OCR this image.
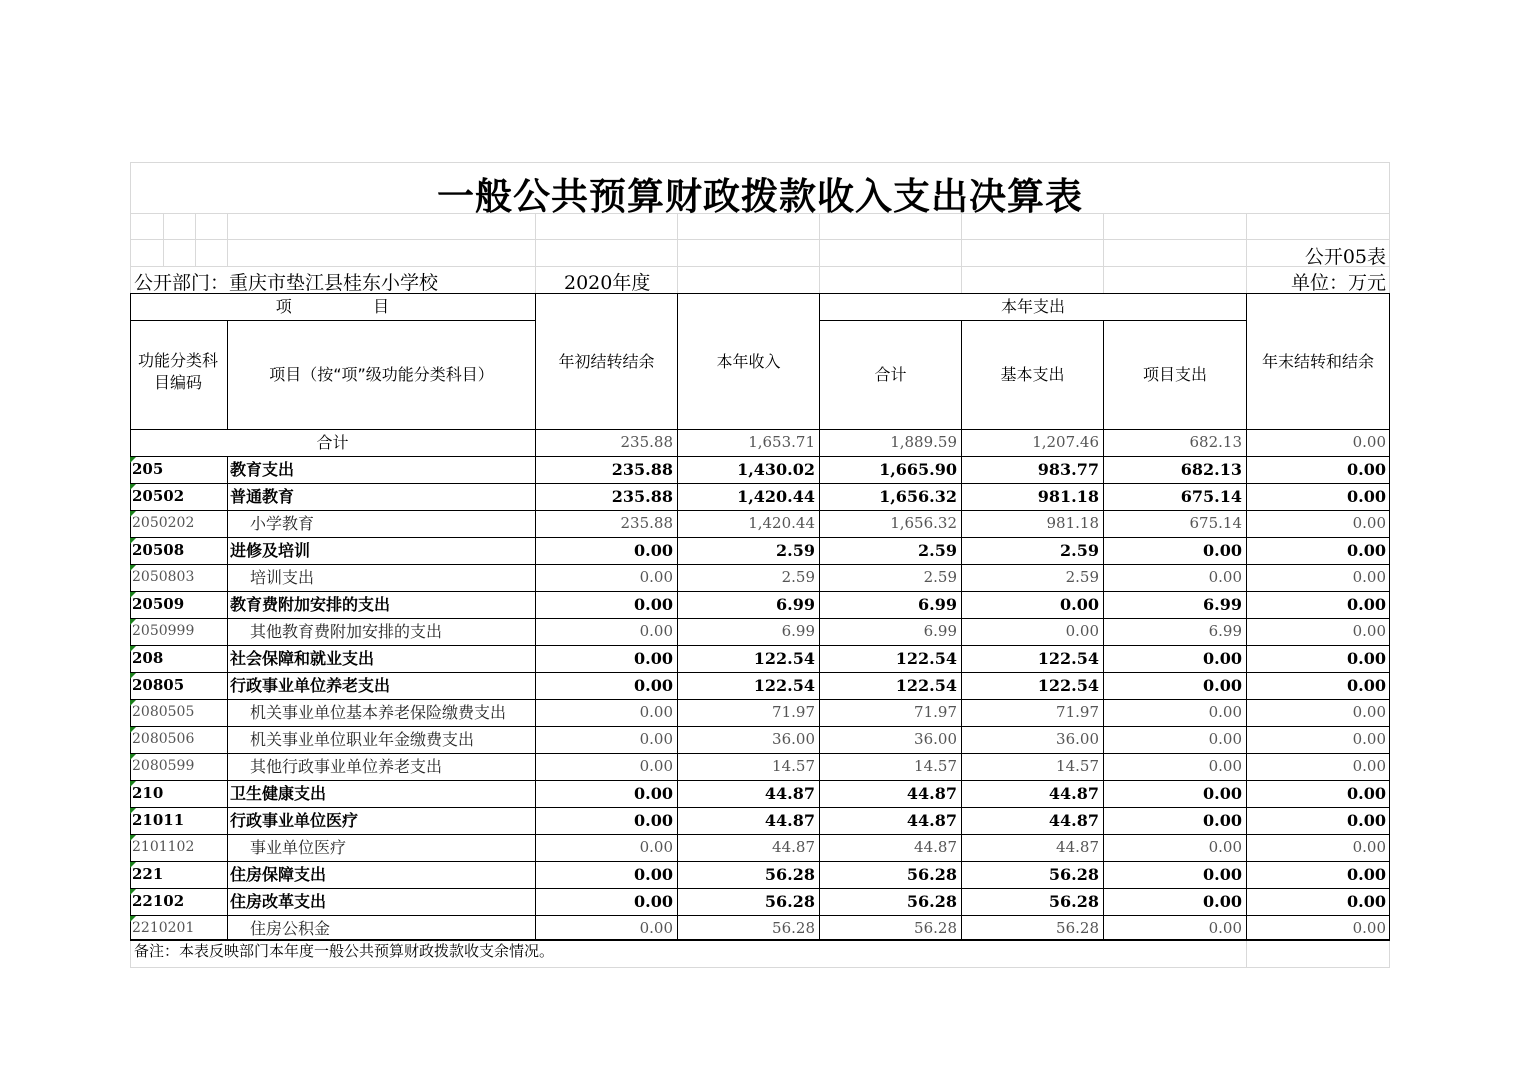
一般公共预算财政拨款收入支出决算表
公开05表
公开部门：重庆市垫江县桂东小学校	2020年度	单位：万元
项                目
功能分类科目编码	项目（按“项”级功能分类科目）
年初结转结余	本年收入
本年支出
合计	基本支出	项目支出
年末结转和结余
合计	235.88	1,653.71	1,889.59	1,207.46	682.13	0.00
205	教育支出	235.88	1,430.02	1,665.90	983.77	682.13	0.00
20502	普通教育	235.88	1,420.44	1,656.32	981.18	675.14	0.00
2050202	小学教育	235.88	1,420.44	1,656.32	981.18	675.14	0.00
20508	进修及培训	0.00	2.59	2.59	2.59	0.00	0.00
2050803	培训支出	0.00	2.59	2.59	2.59	0.00	0.00
20509	教育费附加安排的支出	0.00	6.99	6.99	0.00	6.99	0.00
2050999	其他教育费附加安排的支出	0.00	6.99	6.99	0.00	6.99	0.00
208	社会保障和就业支出	0.00	122.54	122.54	122.54	0.00	0.00
20805	行政事业单位养老支出	0.00	122.54	122.54	122.54	0.00	0.00
2080505	机关事业单位基本养老保险缴费支出	0.00	71.97	71.97	71.97	0.00	0.00
2080506	机关事业单位职业年金缴费支出	0.00	36.00	36.00	36.00	0.00	0.00
2080599	其他行政事业单位养老支出	0.00	14.57	14.57	14.57	0.00	0.00
210	卫生健康支出	0.00	44.87	44.87	44.87	0.00	0.00
21011	行政事业单位医疗	0.00	44.87	44.87	44.87	0.00	0.00
2101102	事业单位医疗	0.00	44.87	44.87	44.87	0.00	0.00
221	住房保障支出	0.00	56.28	56.28	56.28	0.00	0.00
22102	住房改革支出	0.00	56.28	56.28	56.28	0.00	0.00
2210201	住房公积金	0.00	56.28	56.28	56.28	0.00	0.00
备注：本表反映部门本年度一般公共预算财政拨款收支余情况。
